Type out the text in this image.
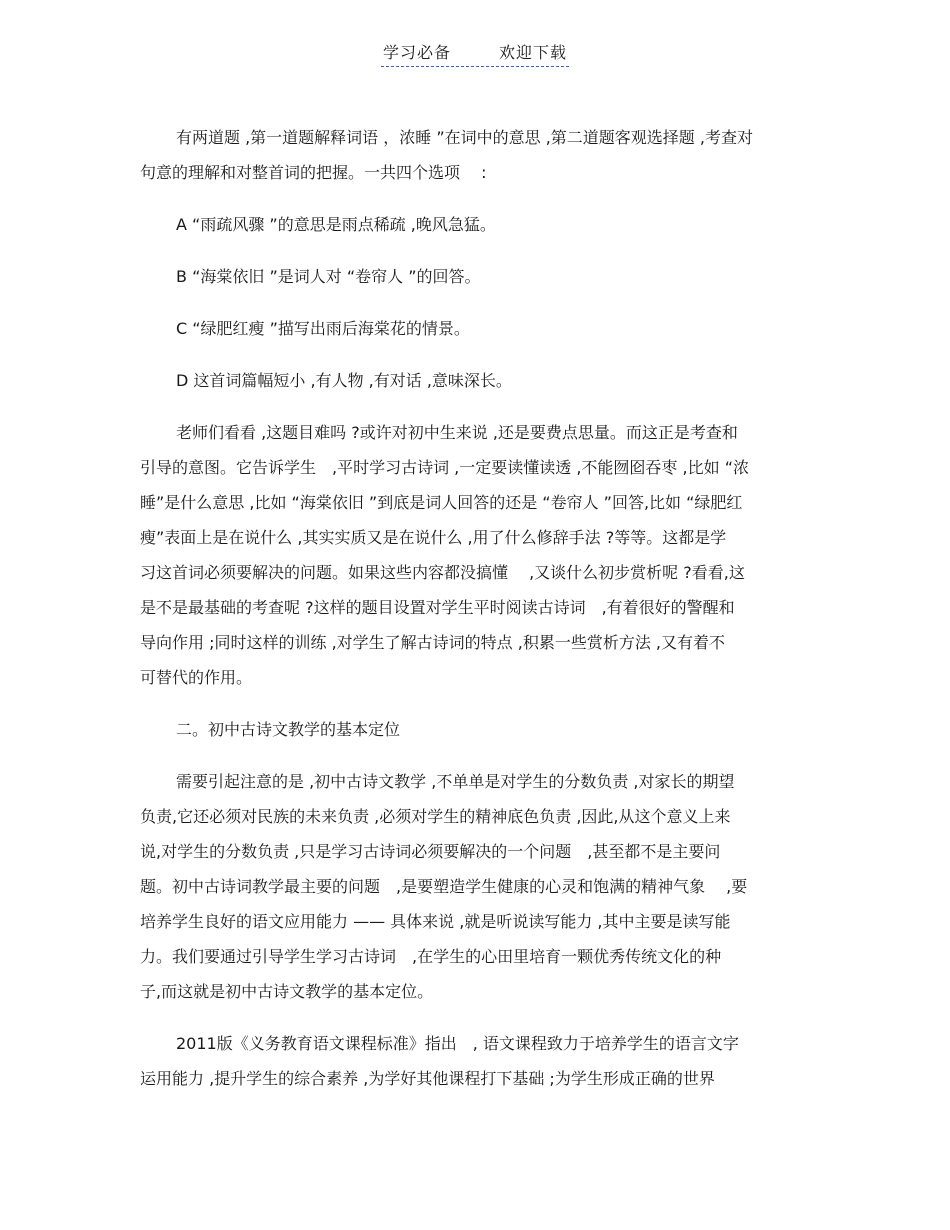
学习必备	欢迎下载
有两道题 ,第一道题解释词语 ，浓睡 ”在词中的意思 ,第二道题客观选择题 ,考查对
句意的理解和对整首词的把握。一共四个选项　 :
A “雨疏风骤 ”的意思是雨点稀疏 ,晚风急猛。
B “海棠依旧 ”是词人对 “卷帘人 ”的回答。
C “绿肥红瘦 ”描写出雨后海棠花的情景。
D 这首词篇幅短小 ,有人物 ,有对话 ,意味深长。
老师们看看 ,这题目难吗 ?或许对初中生来说 ,还是要费点思量。而这正是考查和
引导的意图。它告诉学生　,平时学习古诗词 ,一定要读懂读透 ,不能囫囵吞枣 ,比如 “浓
睡”是什么意思 ,比如 “海棠依旧 ”到底是词人回答的还是 “卷帘人 ”回答,比如 “绿肥红
瘦”表面上是在说什么 ,其实实质又是在说什么 ,用了什么修辞手法 ?等等。这都是学
习这首词必须要解决的问题。如果这些内容都没搞懂　 ,又谈什么初步赏析呢 ?看看,这
是不是最基础的考查呢 ?这样的题目设置对学生平时阅读古诗词　,有着很好的警醒和
导向作用 ;同时这样的训练 ,对学生了解古诗词的特点 ,积累一些赏析方法 ,又有着不
可替代的作用。
二。初中古诗文教学的基本定位
需要引起注意的是 ,初中古诗文教学 ,不单单是对学生的分数负责 ,对家长的期望
负责,它还必须对民族的未来负责 ,必须对学生的精神底色负责 ,因此,从这个意义上来
说,对学生的分数负责 ,只是学习古诗词必须要解决的一个问题　,甚至都不是主要问
题。初中古诗词教学最主要的问题　,是要塑造学生健康的心灵和饱满的精神气象　 ,要
培养学生良好的语文应用能力 —— 具体来说 ,就是听说读写能力 ,其中主要是读写能
力。我们要通过引导学生学习古诗词　,在学生的心田里培育一颗优秀传统文化的种
子,而这就是初中古诗文教学的基本定位。
2011版《义务教育语文课程标准》指出　, 语文课程致力于培养学生的语言文字
运用能力 ,提升学生的综合素养 ,为学好其他课程打下基础 ;为学生形成正确的世界
